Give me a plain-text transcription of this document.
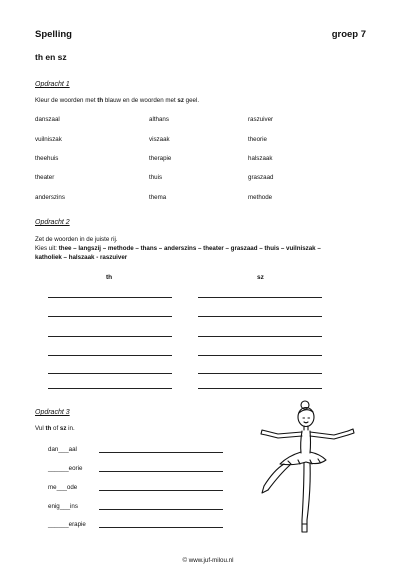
Spelling	groep 7
th en sz
Opdracht 1
Kleur de woorden met th blauw en de woorden met sz geel.
danszaal	althans	raszuiver
vuilniszak	viszaak	theorie
theehuis	therapie	halszaak
theater	thuis	graszaad
anderszins	thema	methode
Opdracht 2
Zet de woorden in de juiste rij.
Kies uit: thee – langszij – methode – thans – anderszins – theater – graszaad – thuis – vuilniszak –
katholiek – halszaak - raszuiver
th	sz
Opdracht 3
Vul th of sz in.
dan___aal
______eorie
me___ode
enig___ins
______erapie
© www.juf-milou.nl
